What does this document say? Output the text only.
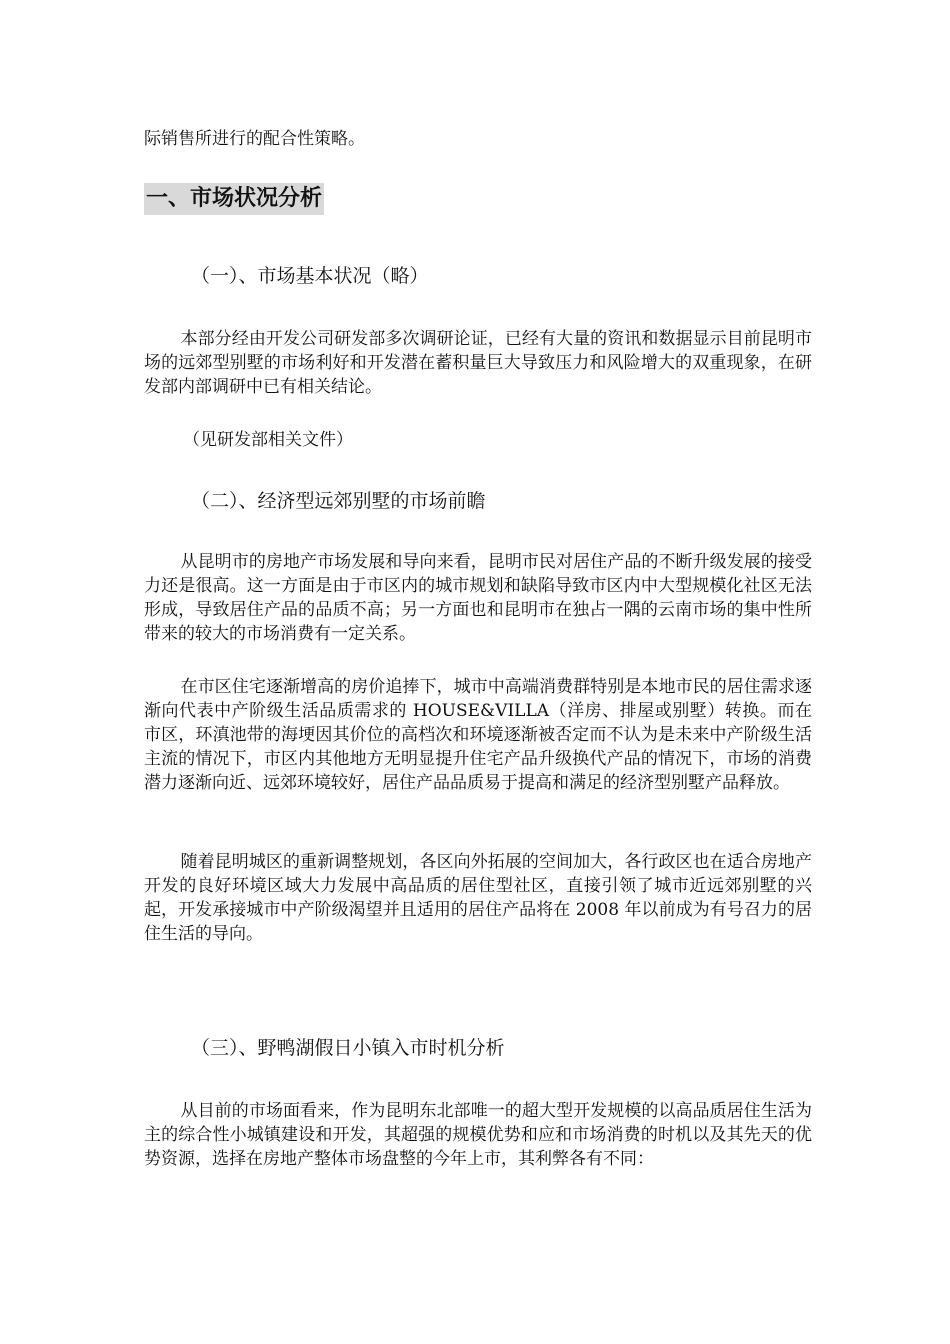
际销售所进行的配合性策略。

一、市场状况分析
（一）、市场基本状况（略）

本部分经由开发公司研发部多次调研论证，已经有大量的资讯和数据显示目前昆明市场的远郊型别墅的市场利好和开发潜在蓄积量巨大导致压力和风险增大的双重现象，在研发部内部调研中已有相关结论。

（见研发部相关文件）

（二）、经济型远郊别墅的市场前瞻

从昆明市的房地产市场发展和导向来看，昆明市民对居住产品的不断升级发展的接受力还是很高。这一方面是由于市区内的城市规划和缺陷导致市区内中大型规模化社区无法形成，导致居住产品的品质不高；另一方面也和昆明市在独占一隅的云南市场的集中性所带来的较大的市场消费有一定关系。

在市区住宅逐渐增高的房价追捧下，城市中高端消费群特别是本地市民的居住需求逐渐向代表中产阶级生活品质需求的 HOUSE&VILLA（洋房、排屋或别墅）转换。而在市区，环滇池带的海埂因其价位的高档次和环境逐渐被否定而不认为是未来中产阶级生活主流的情况下，市区内其他地方无明显提升住宅产品升级换代产品的情况下，市场的消费潜力逐渐向近、远郊环境较好，居住产品品质易于提高和满足的经济型别墅产品释放。

随着昆明城区的重新调整规划，各区向外拓展的空间加大，各行政区也在适合房地产开发的良好环境区域大力发展中高品质的居住型社区，直接引领了城市近远郊别墅的兴起，开发承接城市中产阶级渴望并且适用的居住产品将在 2008 年以前成为有号召力的居住生活的导向。

（三）、野鸭湖假日小镇入市时机分析

从目前的市场面看来，作为昆明东北部唯一的超大型开发规模的以高品质居住生活为主的综合性小城镇建设和开发，其超强的规模优势和应和市场消费的时机以及其先天的优势资源，选择在房地产整体市场盘整的今年上市，其利弊各有不同：
